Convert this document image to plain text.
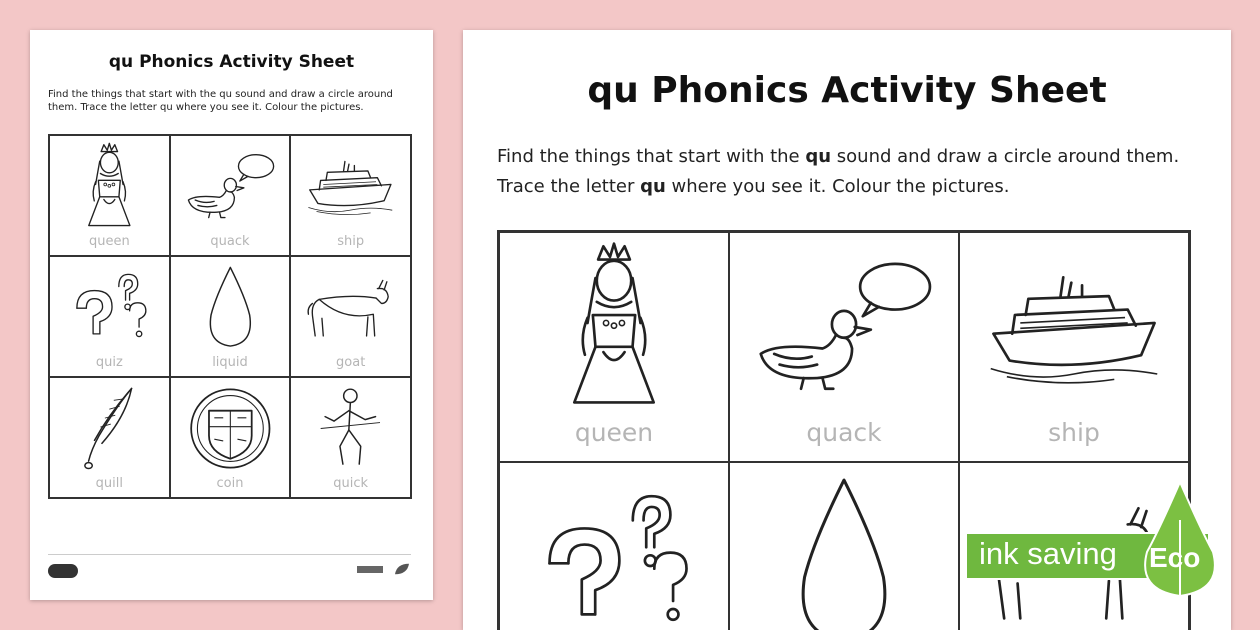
qu Phonics Activity Sheet
Find the things that start with the qu sound and draw a circle around them. Trace the letter qu where you see it. Colour the pictures.
queen	quack	ship
quiz	liquid	goat
quill	coin	quick
qu Phonics Activity Sheet
Find the things that start with the qu sound and draw a circle around them. Trace the letter qu where you see it. Colour the pictures.
queen	quack	ship
ink saving Eco
